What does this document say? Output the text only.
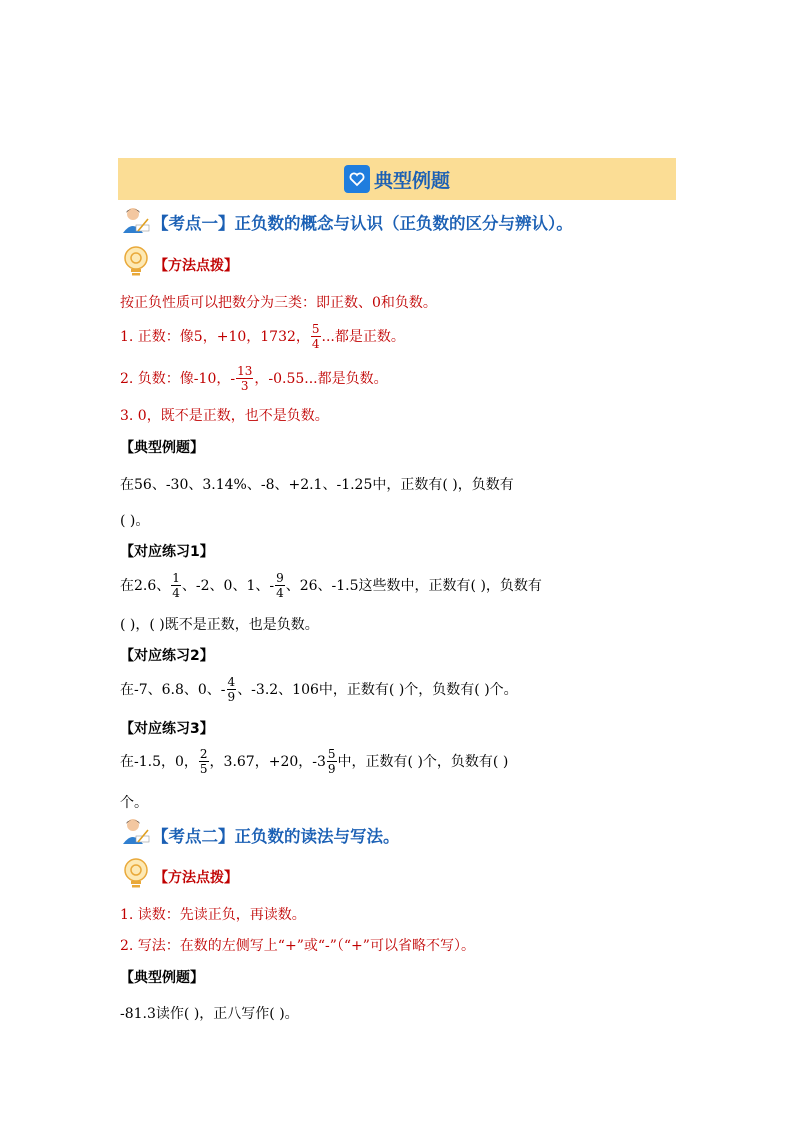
典型例题
【考点一】正负数的概念与认识（正负数的区分与辨认）。
【方法点拨】
按正负性质可以把数分为三类：即正数、0和负数。
1. 正数：像5，+10，1732， $\frac{5}{4}$ ...都是正数。
2. 负数：像-10，- $\frac{13}{3}$ ，-0.55...都是负数。
3. 0，既不是正数，也不是负数。
【典型例题】
在56、-30、3.14%、-8、+2.1、-1.25中，正数有( )，负数有
( )。
【对应练习1】
在2.6、 $\frac{1}{4}$ 、-2、0、1、- $\frac{9}{4}$ 、26、-1.5这些数中，正数有( )，负数有
( )，( )既不是正数，也是负数。
【对应练习2】
在-7、6.8、0、- $\frac{4}{9}$ 、-3.2、106中，正数有( )个，负数有( )个。
【对应练习3】
在-1.5，0， $\frac{2}{5}$ ，3.67，+20，$-3 \frac{5}{9}$ 中，正数有( )个，负数有( )
个。
【考点二】正负数的读法与写法。
【方法点拨】
1. 读数：先读正负，再读数。
2. 写法：在数的左侧写上“+”或“-”（“+”可以省略不写）。
【典型例题】
-81.3读作( )，正八写作( )。
